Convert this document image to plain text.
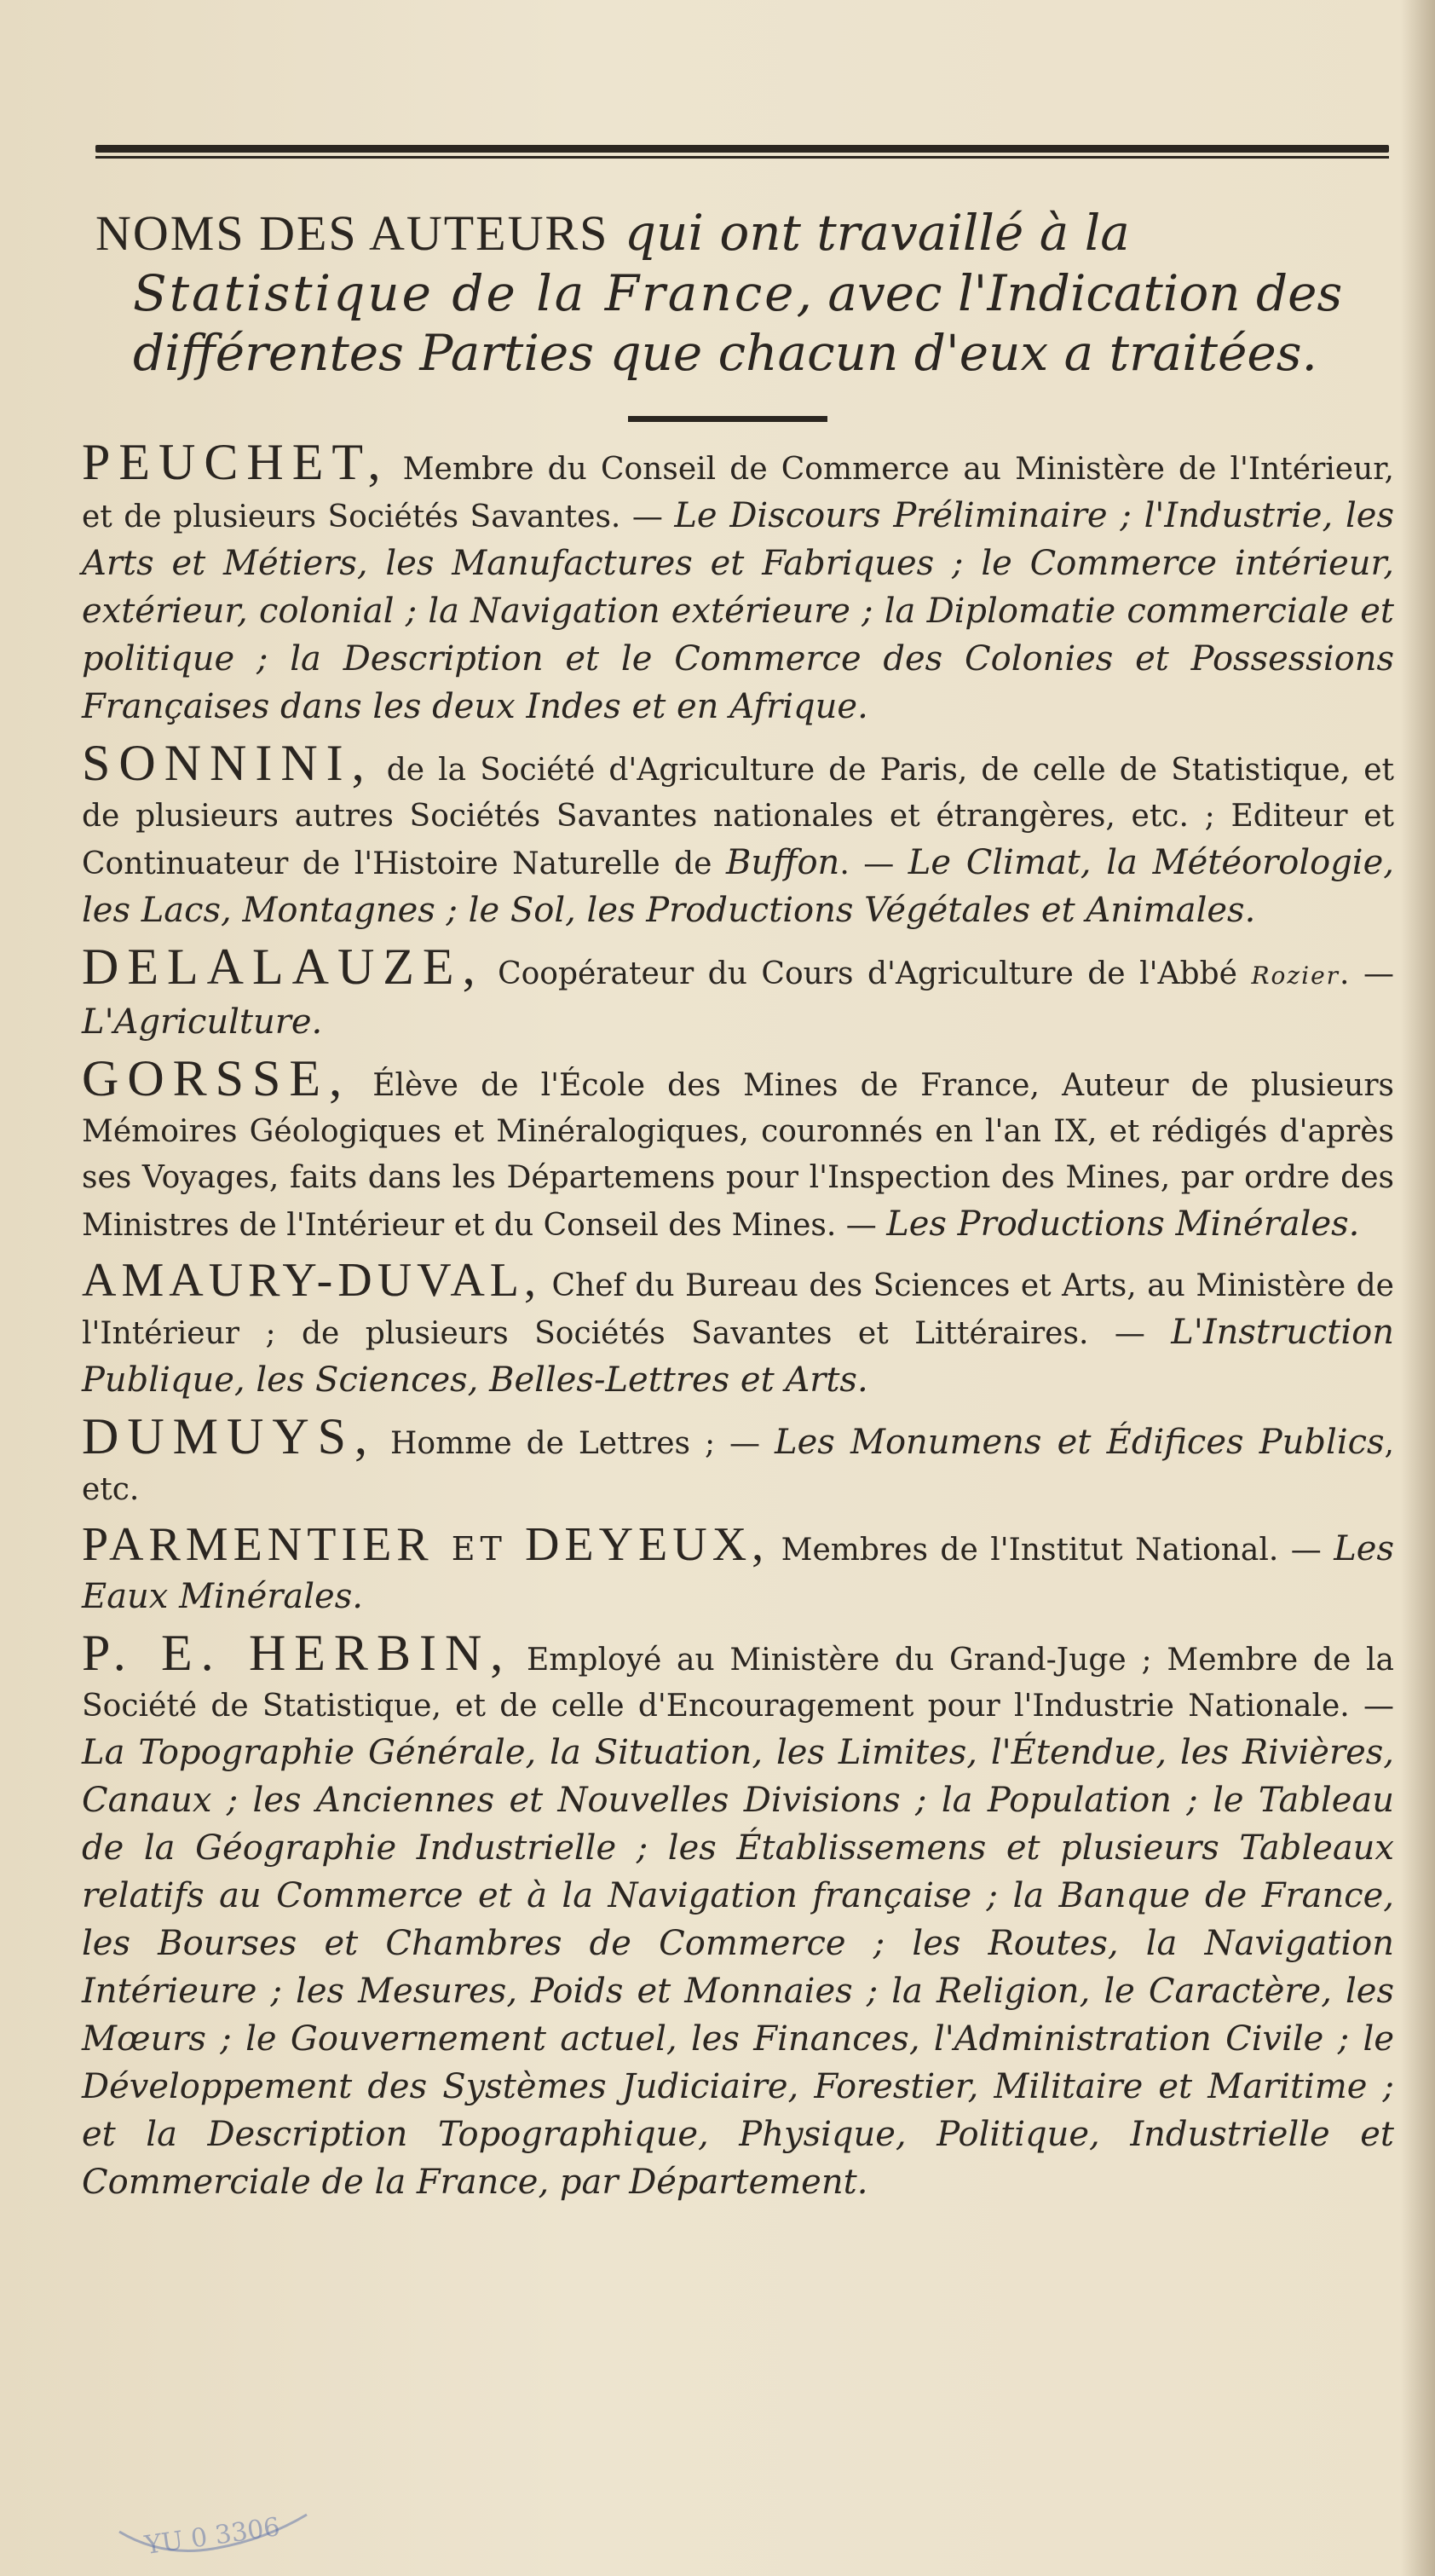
NOMS DES AUTEURS qui ont travaillé à la
Statistique de la France, avec l'Indication des
différentes Parties que chacun d'eux a traitées.
PEUCHET, Membre du Conseil de Commerce au Ministère de l'Intérieur, et de plusieurs Sociétés Savantes. — Le Discours Préliminaire ; l'Industrie, les Arts et Métiers, les Manufactures et Fabriques ; le Commerce intérieur, extérieur, colonial ; la Navigation extérieure ; la Diplomatie commerciale et politique ; la Description et le Commerce des Colonies et Possessions Françaises dans les deux Indes et en Afrique.
SONNINI, de la Société d'Agriculture de Paris, de celle de Statistique, et de plusieurs autres Sociétés Savantes nationales et étrangères, etc. ; Editeur et Continuateur de l'Histoire Naturelle de Buffon. — Le Climat, la Météorologie, les Lacs, Montagnes ; le Sol, les Productions Végétales et Animales.
DELALAUZE, Coopérateur du Cours d'Agriculture de l'Abbé Rozier. — L'Agriculture.
GORSSE, Élève de l'École des Mines de France, Auteur de plusieurs Mémoires Géologiques et Minéralogiques, couronnés en l'an IX, et rédigés d'après ses Voyages, faits dans les Départemens pour l'Inspection des Mines, par ordre des Ministres de l'Intérieur et du Conseil des Mines. — Les Productions Minérales.
AMAURY-DUVAL, Chef du Bureau des Sciences et Arts, au Ministère de l'Intérieur ; de plusieurs Sociétés Savantes et Littéraires. — L'Instruction Publique, les Sciences, Belles-Lettres et Arts.
DUMUYS, Homme de Lettres ; — Les Monumens et Édifices Publics, etc.
PARMENTIER ET DEYEUX, Membres de l'Institut National. — Les Eaux Minérales.
P. E. HERBIN, Employé au Ministère du Grand-Juge ; Membre de la Société de Statistique, et de celle d'Encouragement pour l'Industrie Nationale. — La Topographie Générale, la Situation, les Limites, l'Étendue, les Rivières, Canaux ; les Anciennes et Nouvelles Divisions ; la Population ; le Tableau de la Géographie Industrielle ; les Établissemens et plusieurs Tableaux relatifs au Commerce et à la Navigation française ; la Banque de France, les Bourses et Chambres de Commerce ; les Routes, la Navigation Intérieure ; les Mesures, Poids et Monnaies ; la Religion, le Caractère, les Mœurs ; le Gouvernement actuel, les Finances, l'Administration Civile ; le Développement des Systèmes Judiciaire, Forestier, Militaire et Maritime ; et la Description Topographique, Physique, Politique, Industrielle et Commerciale de la France, par Département.
YU 0 3306
